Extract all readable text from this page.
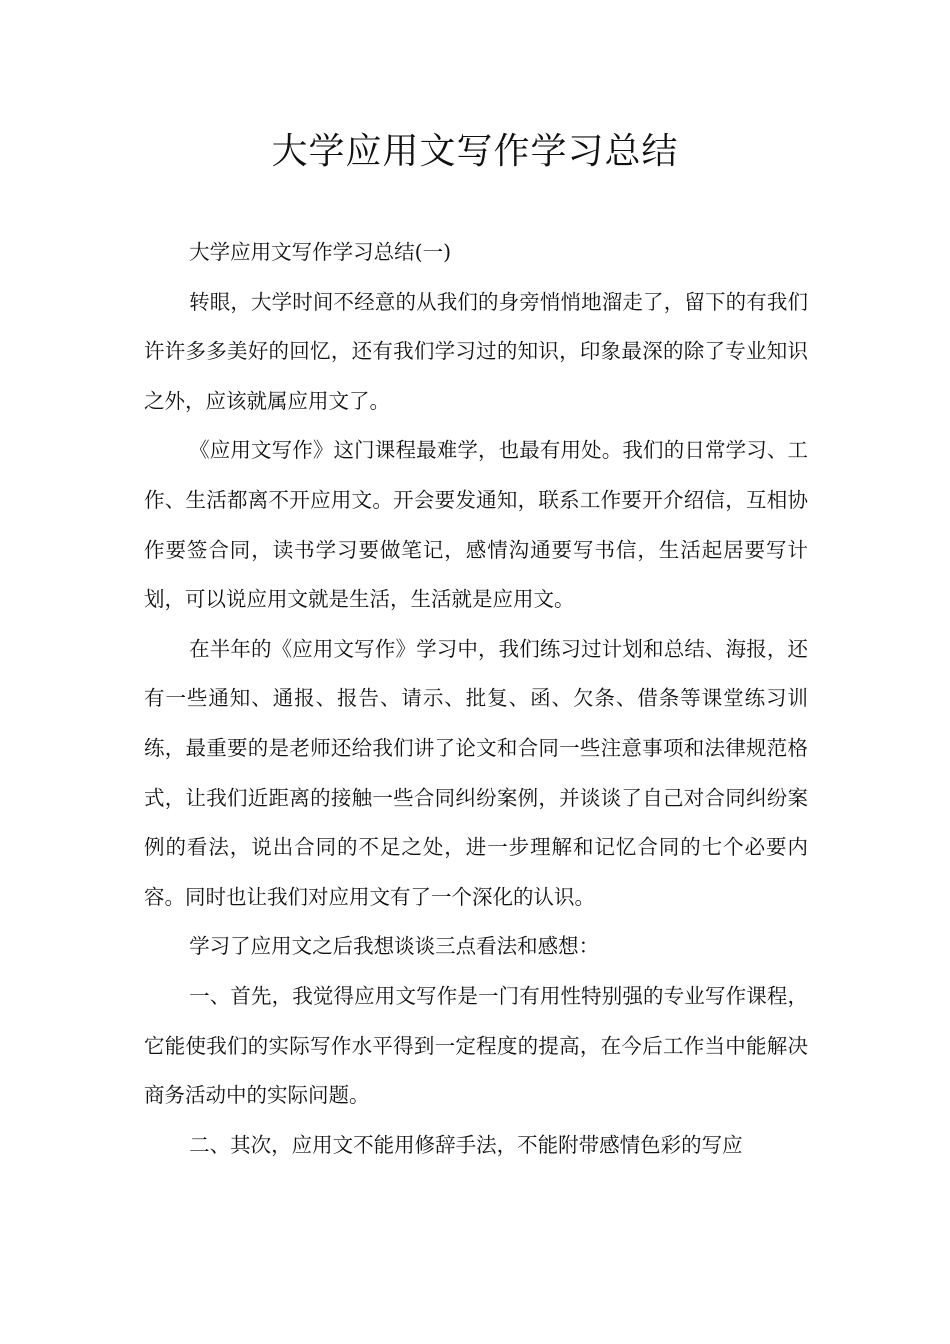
大学应用文写作学习总结

大学应用文写作学习总结(一)

转眼，大学时间不经意的从我们的身旁悄悄地溜走了，留下的有我们许许多多美好的回忆，还有我们学习过的知识，印象最深的除了专业知识之外，应该就属应用文了。

《应用文写作》这门课程最难学，也最有用处。我们的日常学习、工作、生活都离不开应用文。开会要发通知，联系工作要开介绍信，互相协作要签合同，读书学习要做笔记，感情沟通要写书信，生活起居要写计划，可以说应用文就是生活，生活就是应用文。

在半年的《应用文写作》学习中，我们练习过计划和总结、海报，还有一些通知、通报、报告、请示、批复、函、欠条、借条等课堂练习训练，最重要的是老师还给我们讲了论文和合同一些注意事项和法律规范格式，让我们近距离的接触一些合同纠纷案例，并谈谈了自己对合同纠纷案例的看法，说出合同的不足之处，进一步理解和记忆合同的七个必要内容。同时也让我们对应用文有了一个深化的认识。

学习了应用文之后我想谈谈三点看法和感想：

一、首先，我觉得应用文写作是一门有用性特别强的专业写作课程，它能使我们的实际写作水平得到一定程度的提高，在今后工作当中能解决商务活动中的实际问题。

二、其次，应用文不能用修辞手法，不能附带感情色彩的写应
